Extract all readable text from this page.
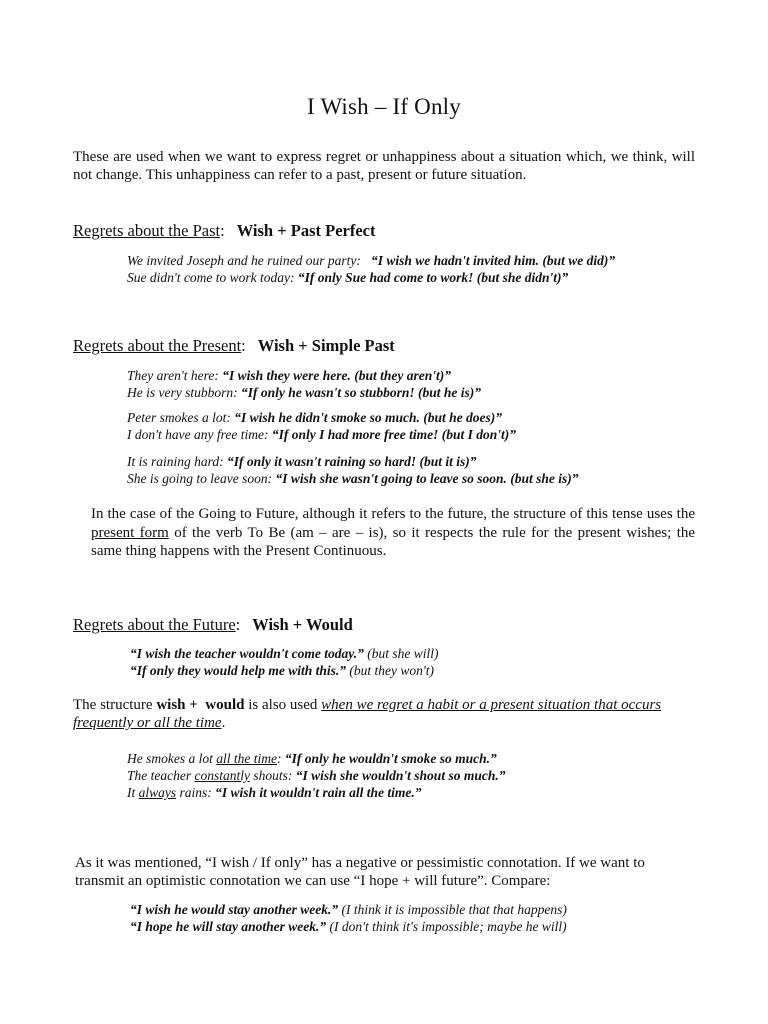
I Wish – If Only
These are used when we want to express regret or unhappiness about a situation which, we think, will not change. This unhappiness can refer to a past, present or future situation.
Regrets about the Past: Wish + Past Perfect
We invited Joseph and he ruined our party: “I wish we hadn't invited him. (but we did)”
Sue didn't come to work today: “If only Sue had come to work! (but she didn't)”
Regrets about the Present: Wish + Simple Past
They aren't here: “I wish they were here. (but they aren't)”
He is very stubborn: “If only he wasn't so stubborn! (but he is)”
Peter smokes a lot: “I wish he didn't smoke so much. (but he does)”
I don't have any free time: “If only I had more free time! (but I don't)”
It is raining hard: “If only it wasn't raining so hard! (but it is)”
She is going to leave soon: “I wish she wasn't going to leave so soon. (but she is)”
In the case of the Going to Future, although it refers to the future, the structure of this tense uses the present form of the verb To Be (am – are – is), so it respects the rule for the present wishes; the same thing happens with the Present Continuous.
Regrets about the Future: Wish + Would
“I wish the teacher wouldn't come today.” (but she will)
“If only they would help me with this.” (but they won't)
The structure wish + would is also used when we regret a habit or a present situation that occurs frequently or all the time.
He smokes a lot all the time: “If only he wouldn't smoke so much.”
The teacher constantly shouts: “I wish she wouldn't shout so much.”
It always rains: “I wish it wouldn't rain all the time.”
As it was mentioned, “I wish / If only” has a negative or pessimistic connotation. If we want to transmit an optimistic connotation we can use “I hope + will future”. Compare:
“I wish he would stay another week.” (I think it is impossible that that happens)
“I hope he will stay another week.” (I don't think it's impossible; maybe he will)
